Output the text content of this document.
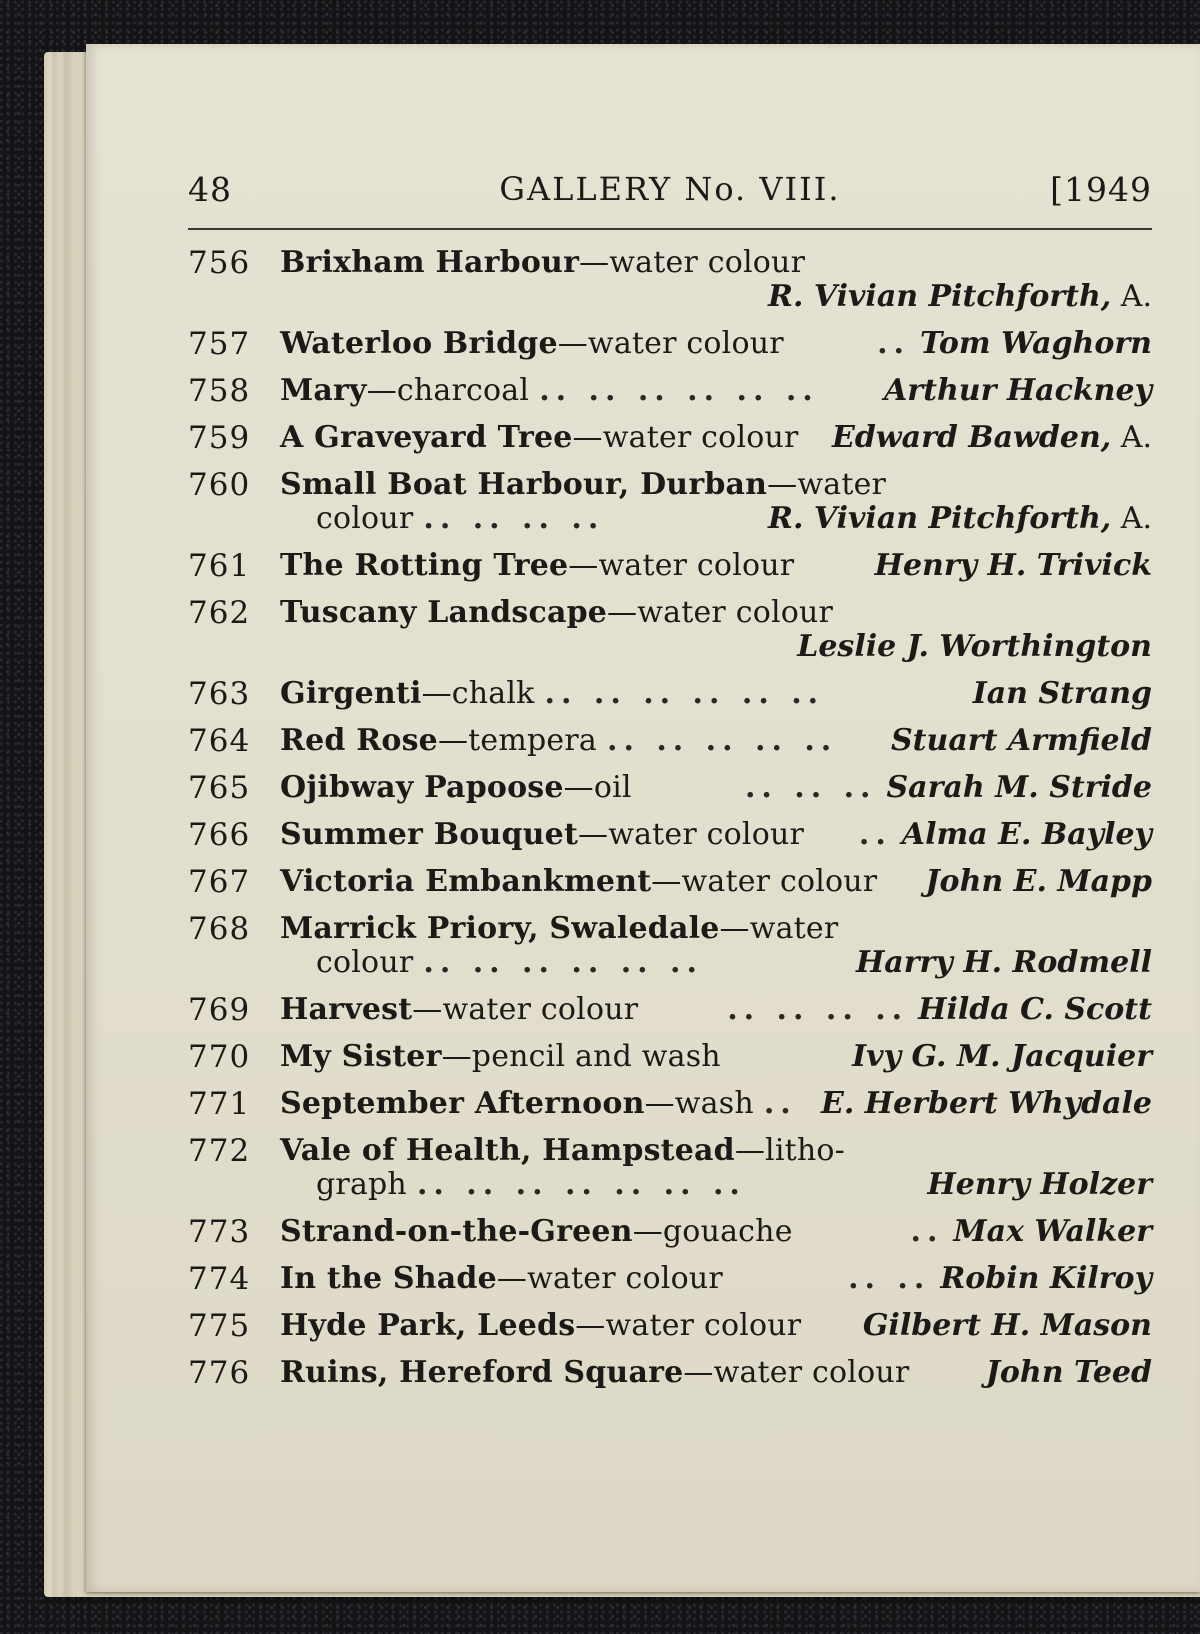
48	GALLERY No. VIII.	[1949
756 Brixham Harbour —water colour
R. Vivian Pitchforth, A.
757 Waterloo Bridge —water colour	.. Tom Waghorn
758 Mary —charcoal .. .. .. .. .. ..	Arthur Hackney
759 A Graveyard Tree —water colour Edward Bawden, A.
760 Small Boat Harbour, Durban —water
colour .. .. .. ..	R. Vivian Pitchforth, A.
761 The Rotting Tree —water colour	Henry H. Trivick
762 Tuscany Landscape —water colour
Leslie J. Worthington
763 Girgenti —chalk .. .. .. .. .. ..	Ian Strang
764 Red Rose —tempera .. .. .. .. ..	Stuart Armfield
765 Ojibway Papoose —oil	.. .. .. Sarah M. Stride
766 Summer Bouquet —water colour	.. Alma E. Bayley
767 Victoria Embankment —water colour John E. Mapp
768 Marrick Priory, Swaledale —water
colour .. .. .. .. .. ..	Harry H. Rodmell
769 Harvest —water colour	.. .. .. .. Hilda C. Scott
770 My Sister —pencil and wash	Ivy G. M. Jacquier
771 September Afternoon —wash .. E. Herbert Whydale
772 Vale of Health, Hampstead —litho-
graph .. .. .. .. .. .. ..	Henry Holzer
773 Strand-on-the-Green —gouache	.. Max Walker
774 In the Shade —water colour	.. .. Robin Kilroy
775 Hyde Park, Leeds —water colour Gilbert H. Mason
776 Ruins, Hereford Square —water colour	John Teed
